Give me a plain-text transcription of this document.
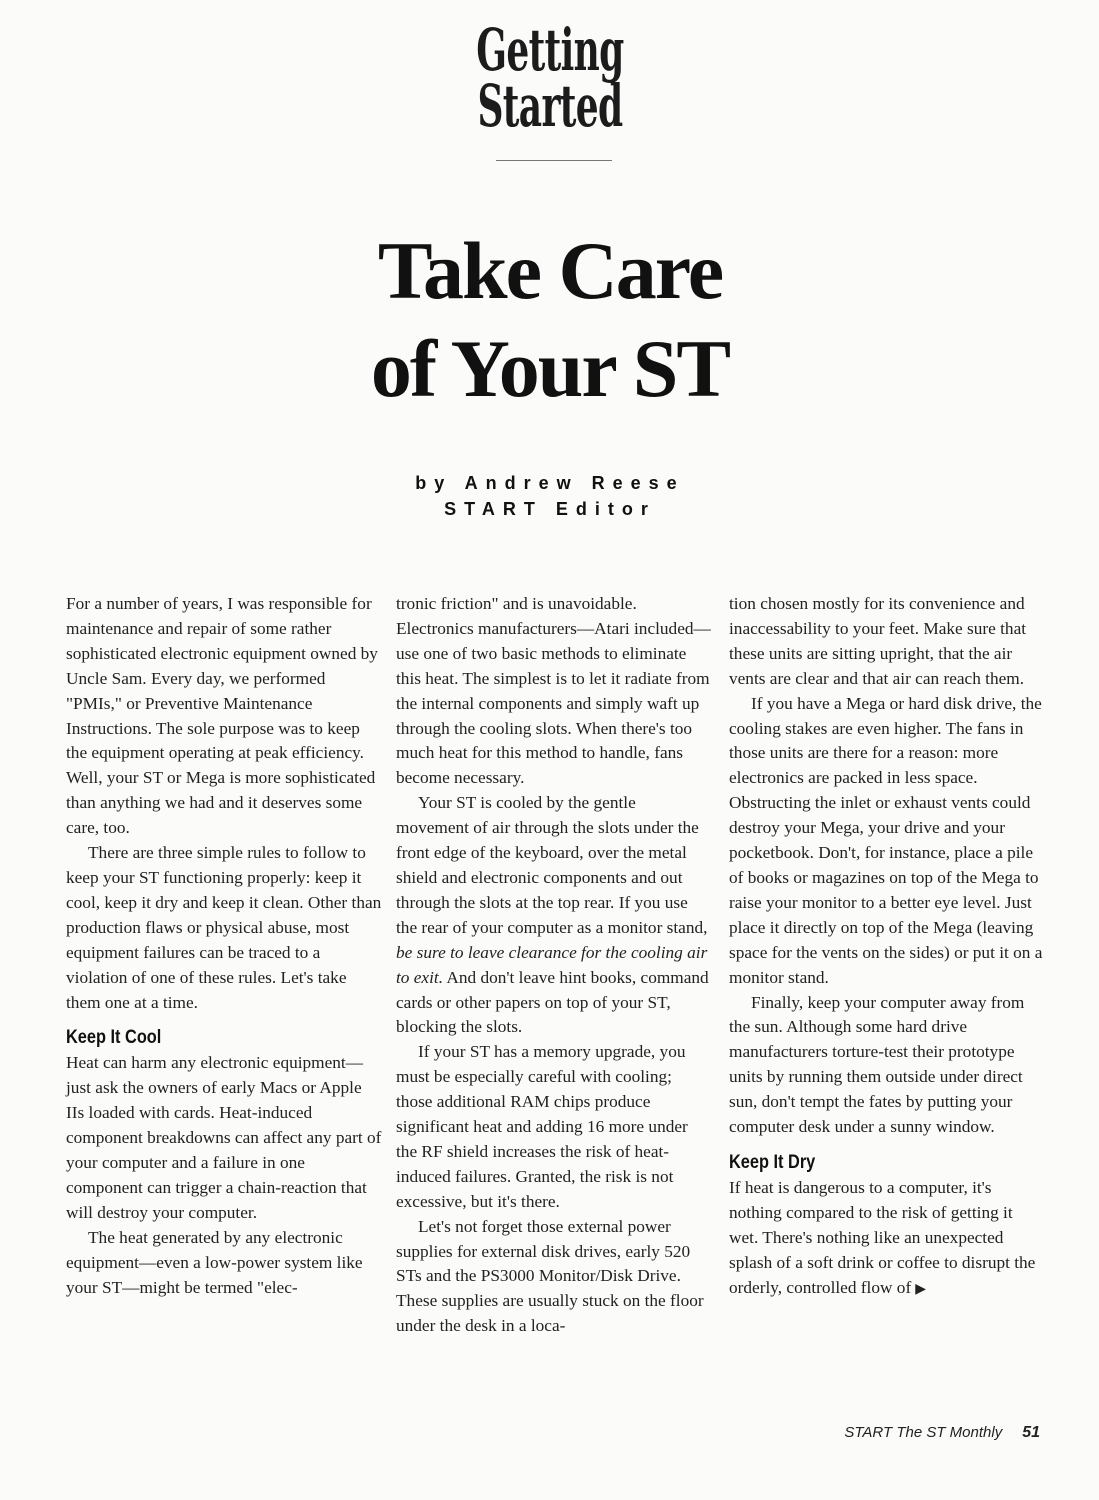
Getting
Started
Take Care
of Your ST
by Andrew Reese
START Editor

For a number of years, I was responsible for maintenance and repair of some rather sophisticated electronic equipment owned by Uncle Sam. Every day, we performed "PMIs," or Preventive Maintenance Instructions. The sole purpose was to keep the equipment operating at peak efficiency. Well, your ST or Mega is more sophisticated than anything we had and it deserves some care, too.

There are three simple rules to follow to keep your ST functioning properly: keep it cool, keep it dry and keep it clean. Other than production flaws or physical abuse, most equipment failures can be traced to a violation of one of these rules. Let's take them one at a time.

Keep It Cool

Heat can harm any electronic equipment—just ask the owners of early Macs or Apple IIs loaded with cards. Heat-induced component breakdowns can affect any part of your computer and a failure in one component can trigger a chain-reaction that will destroy your computer.

The heat generated by any electronic equipment—even a low-power system like your ST—might be termed "elec-

tronic friction" and is unavoidable. Electronics manufacturers—Atari included—use one of two basic methods to eliminate this heat. The simplest is to let it radiate from the internal components and simply waft up through the cooling slots. When there's too much heat for this method to handle, fans become necessary.

Your ST is cooled by the gentle movement of air through the slots under the front edge of the keyboard, over the metal shield and electronic components and out through the slots at the top rear. If you use the rear of your computer as a monitor stand, be sure to leave clearance for the cooling air to exit. And don't leave hint books, command cards or other papers on top of your ST, blocking the slots.

If your ST has a memory upgrade, you must be especially careful with cooling; those additional RAM chips produce significant heat and adding 16 more under the RF shield increases the risk of heat-induced failures. Granted, the risk is not excessive, but it's there.

Let's not forget those external power supplies for external disk drives, early 520 STs and the PS3000 Monitor/Disk Drive. These supplies are usually stuck on the floor under the desk in a loca-

tion chosen mostly for its convenience and inaccessability to your feet. Make sure that these units are sitting upright, that the air vents are clear and that air can reach them.

If you have a Mega or hard disk drive, the cooling stakes are even higher. The fans in those units are there for a reason: more electronics are packed in less space. Obstructing the inlet or exhaust vents could destroy your Mega, your drive and your pocketbook. Don't, for instance, place a pile of books or magazines on top of the Mega to raise your monitor to a better eye level. Just place it directly on top of the Mega (leaving space for the vents on the sides) or put it on a monitor stand.

Finally, keep your computer away from the sun. Although some hard drive manufacturers torture-test their prototype units by running them outside under direct sun, don't tempt the fates by putting your computer desk under a sunny window.

Keep It Dry

If heat is dangerous to a computer, it's nothing compared to the risk of getting it wet. There's nothing like an unexpected splash of a soft drink or coffee to disrupt the orderly, controlled flow of ▶

START The ST Monthly 51
